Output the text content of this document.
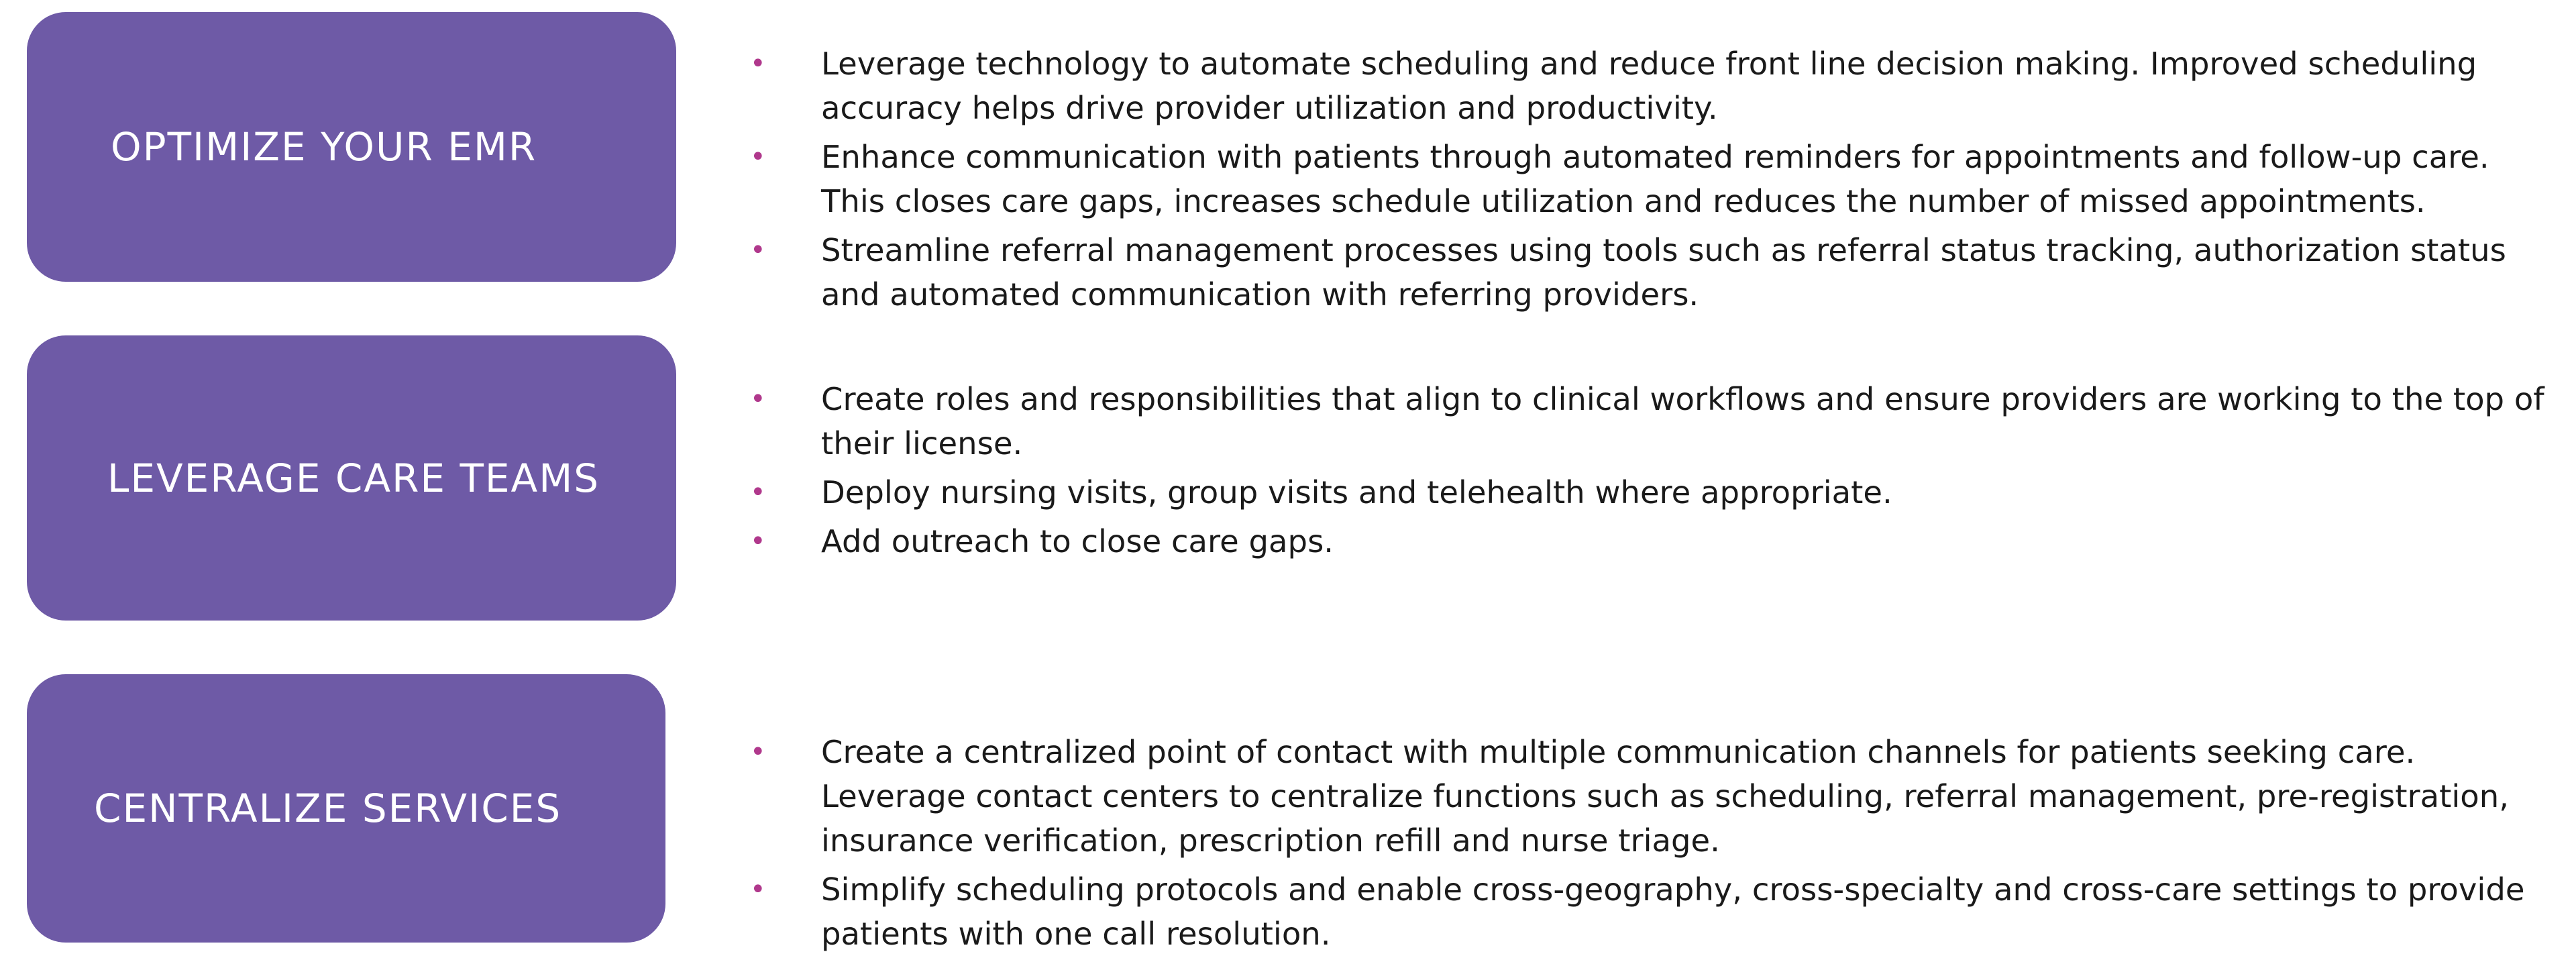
OPTIMIZE YOUR EMR
• Leverage technology to automate scheduling and reduce front line decision making. Improved scheduling accuracy helps drive provider utilization and productivity.
• Enhance communication with patients through automated reminders for appointments and follow-up care. This closes care gaps, increases schedule utilization and reduces the number of missed appointments.
• Streamline referral management processes using tools such as referral status tracking, authorization status and automated communication with referring providers.
LEVERAGE CARE TEAMS
• Create roles and responsibilities that align to clinical workflows and ensure providers are working to the top of their license.
• Deploy nursing visits, group visits and telehealth where appropriate.
• Add outreach to close care gaps.
CENTRALIZE SERVICES
• Create a centralized point of contact with multiple communication channels for patients seeking care. Leverage contact centers to centralize functions such as scheduling, referral management, pre-registration, insurance verification, prescription refill and nurse triage.
• Simplify scheduling protocols and enable cross-geography, cross-specialty and cross-care settings to provide patients with one call resolution.
